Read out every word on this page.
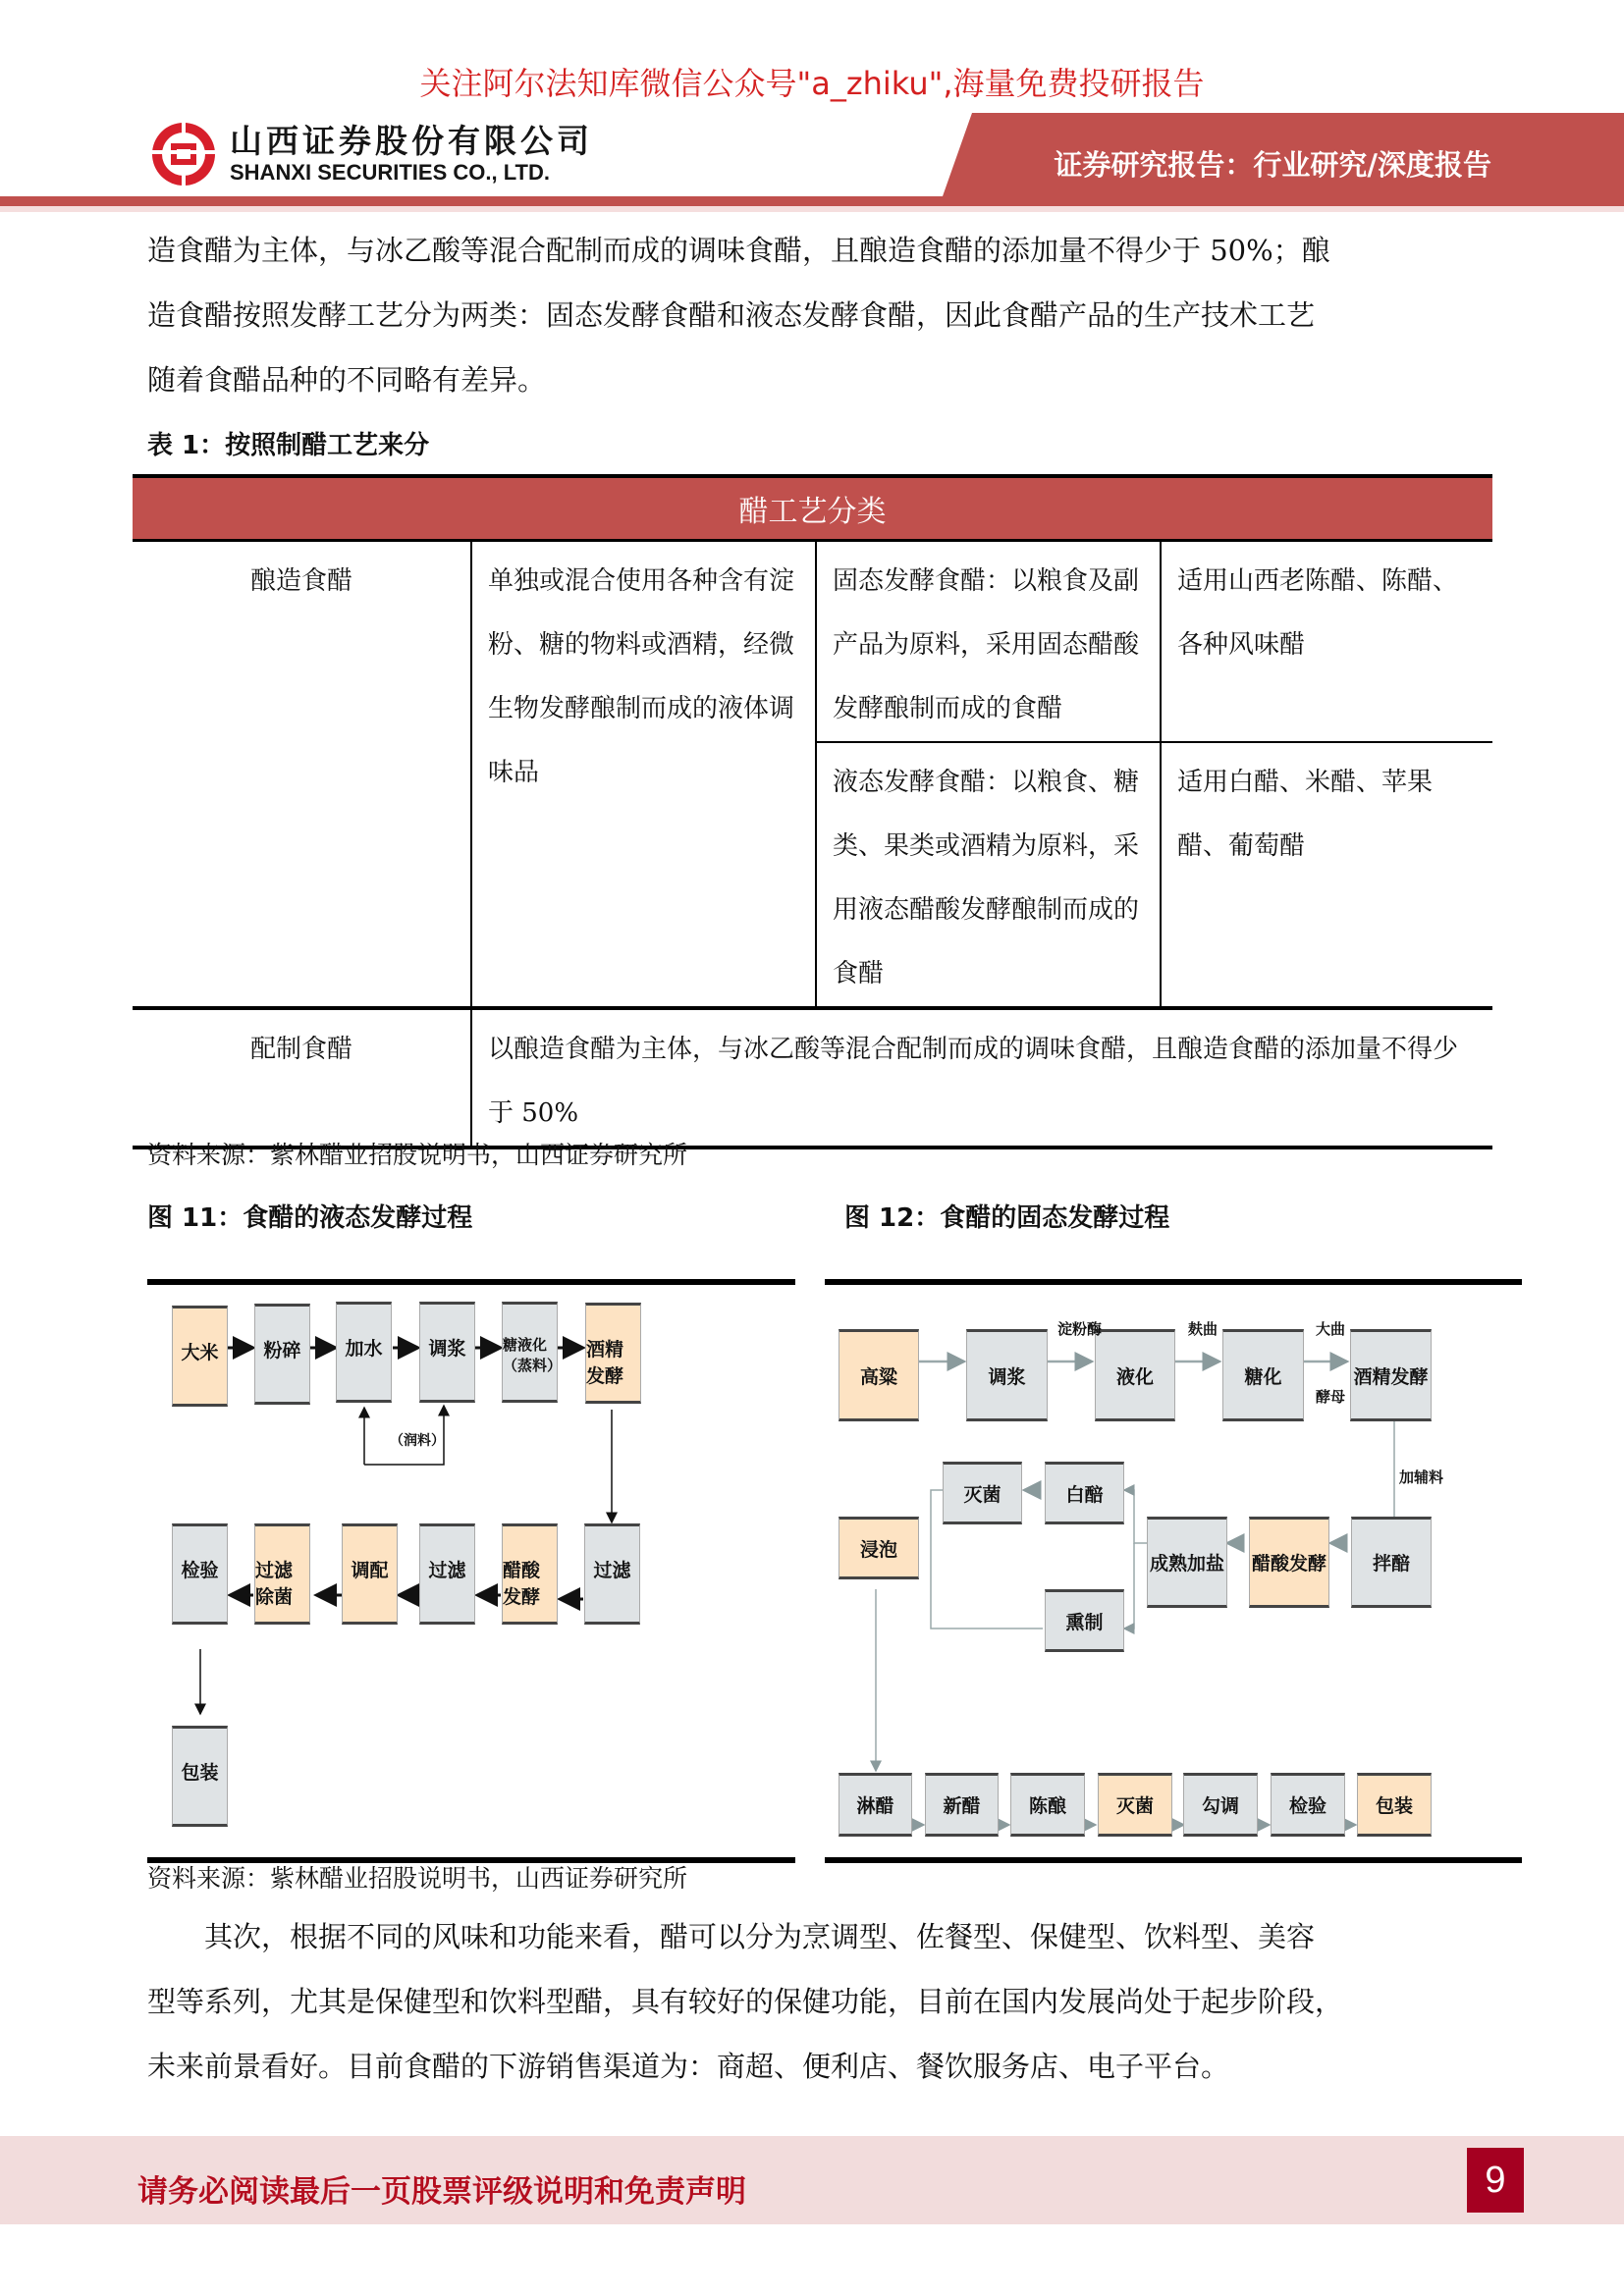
关注阿尔法知库微信公众号"a_zhiku",海量免费投研报告
山西证券股份有限公司
SHANXI SECURITIES CO., LTD.	证券研究报告：行业研究/深度报告
造食醋为主体，与冰乙酸等混合配制而成的调味食醋，且酿造食醋的添加量不得少于 50%；酿
造食醋按照发酵工艺分为两类：固态发酵食醋和液态发酵食醋，因此食醋产品的生产技术工艺
随着食醋品种的不同略有差异。
表 1：按照制醋工艺来分
醋工艺分类			
酿造食醋	单独或混合使用各种含有淀粉、糖的物料或酒精，经微生物发酵酿制而成的液体调味品	固态发酵食醋：以粮食及副产品为原料，采用固态醋酸发酵酿制而成的食醋	适用山西老陈醋、陈醋、各种风味醋
		液态发酵食醋：以粮食、糖类、果类或酒精为原料，采用液态醋酸发酵酿制而成的食醋	适用白醋、米醋、苹果醋、葡萄醋
配制食醋	以酿造食醋为主体，与冰乙酸等混合配制而成的调味食醋，且酿造食醋的添加量不得少于 50%		
资料来源：紫林醋业招股说明书，山西证券研究所
图 11：食醋的液态发酵过程	图 12：食醋的固态发酵过程
大米	粉碎	加水	调浆	糖液化（蒸料）
酒精发酵
（润料）
过滤
醋酸发酵
过滤
调配
过滤除菌
检验
包装
高粱	调浆	液化	糖化	酒精发酵
淀粉酶	麸曲	大曲
酵母
加辅料
灭菌	白醅
浸泡
成熟加盐 醋酸发酵	拌醅
熏制
淋醋	新醋	陈酿	灭菌	勾调	检验	包装
资料来源：紫林醋业招股说明书，山西证券研究所
　　其次，根据不同的风味和功能来看，醋可以分为烹调型、佐餐型、保健型、饮料型、美容
型等系列，尤其是保健型和饮料型醋，具有较好的保健功能，目前在国内发展尚处于起步阶段，
未来前景看好。目前食醋的下游销售渠道为：商超、便利店、餐饮服务店、电子平台。
请务必阅读最后一页股票评级说明和免责声明	9
